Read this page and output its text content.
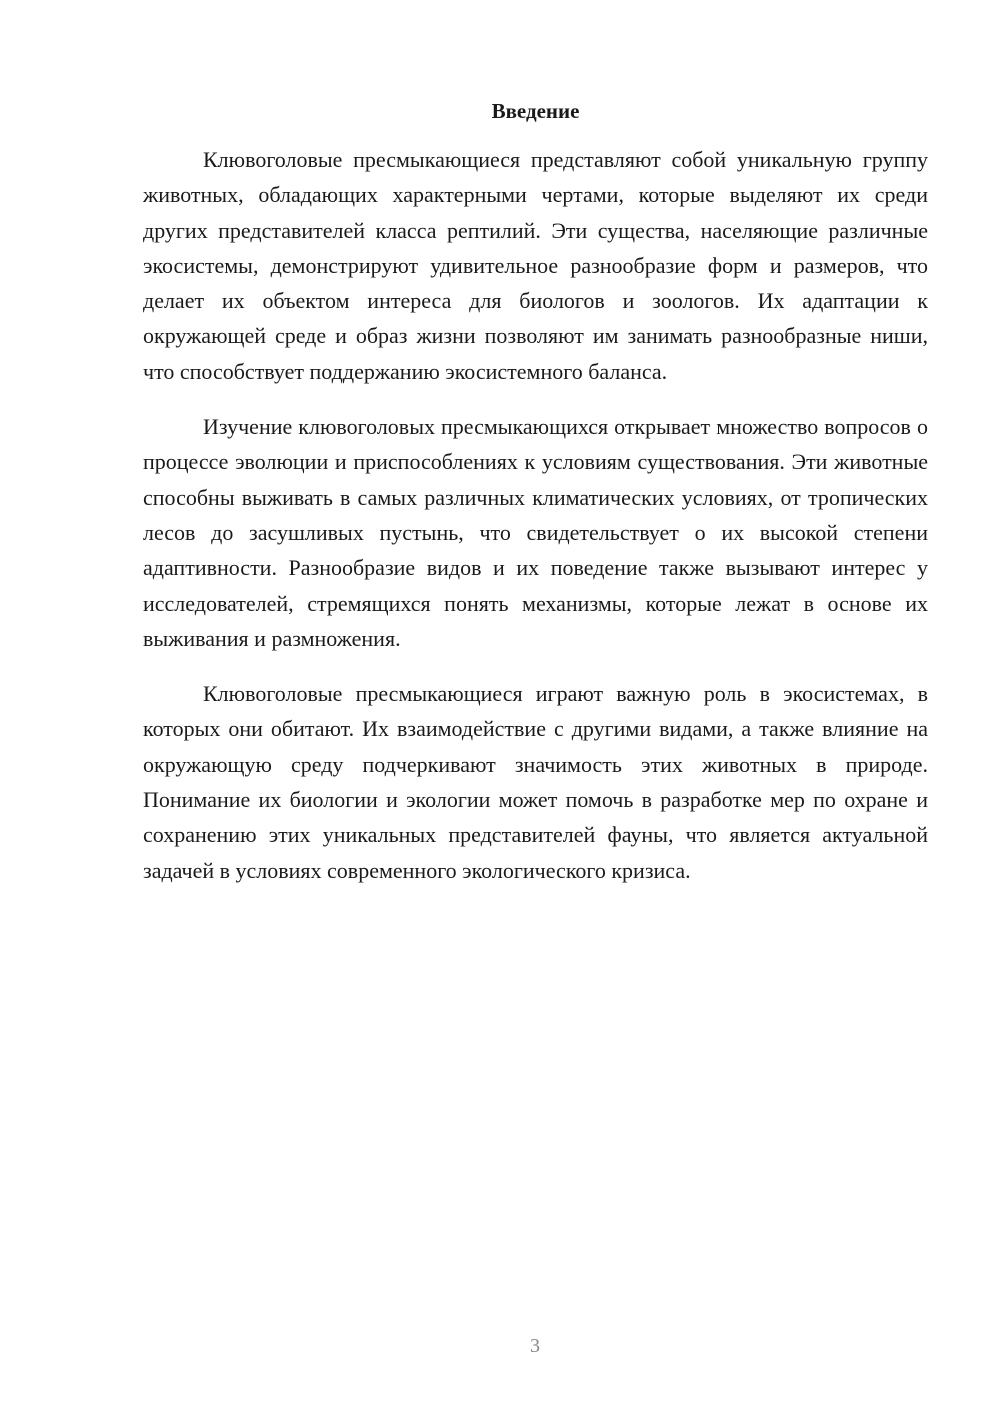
Введение

Клювоголовые пресмыкающиеся представляют собой уникальную группу животных, обладающих характерными чертами, которые выделяют их среди других представителей класса рептилий. Эти существа, населяющие различные экосистемы, демонстрируют удивительное разнообразие форм и размеров, что делает их объектом интереса для биологов и зоологов. Их адаптации к окружающей среде и образ жизни позволяют им занимать разнообразные ниши, что способствует поддержанию экосистемного баланса.

Изучение клювоголовых пресмыкающихся открывает множество вопросов о процессе эволюции и приспособлениях к условиям существования. Эти животные способны выживать в самых различных климатических условиях, от тропических лесов до засушливых пустынь, что свидетельствует о их высокой степени адаптивности. Разнообразие видов и их поведение также вызывают интерес у исследователей, стремящихся понять механизмы, которые лежат в основе их выживания и размножения.

Клювоголовые пресмыкающиеся играют важную роль в экосистемах, в которых они обитают. Их взаимодействие с другими видами, а также влияние на окружающую среду подчеркивают значимость этих животных в природе. Понимание их биологии и экологии может помочь в разработке мер по охране и сохранению этих уникальных представителей фауны, что является актуальной задачей в условиях современного экологического кризиса.

3
